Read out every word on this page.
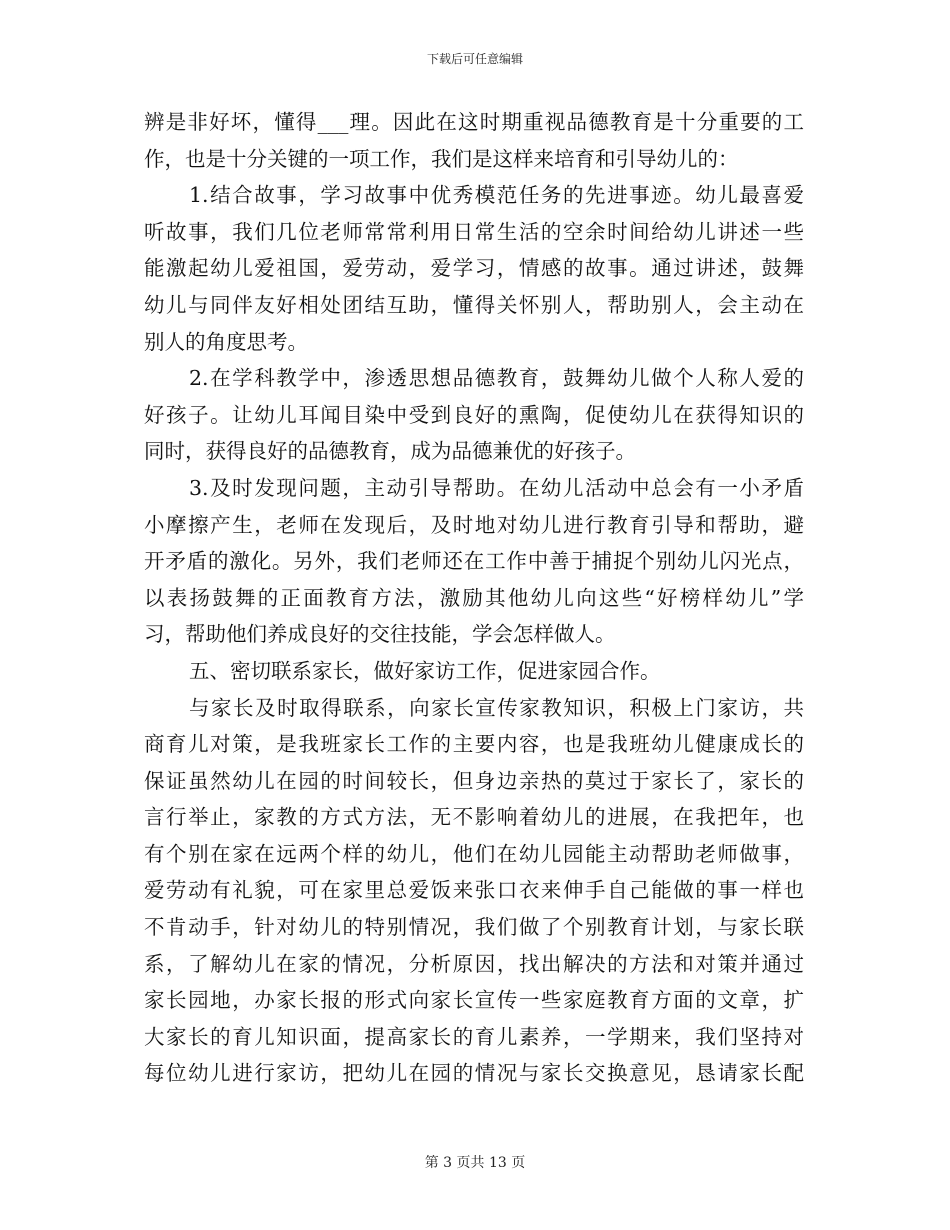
下载后可任意编辑
辨是非好坏，懂得___理。因此在这时期重视品德教育是十分重要的工
作，也是十分关键的一项工作，我们是这样来培育和引导幼儿的：
1.结合故事，学习故事中优秀模范任务的先进事迹。幼儿最喜爱
听故事，我们几位老师常常利用日常生活的空余时间给幼儿讲述一些
能激起幼儿爱祖国，爱劳动，爱学习，情感的故事。通过讲述，鼓舞
幼儿与同伴友好相处团结互助，懂得关怀别人，帮助别人，会主动在
别人的角度思考。
2.在学科教学中，渗透思想品德教育，鼓舞幼儿做个人称人爱的
好孩子。让幼儿耳闻目染中受到良好的熏陶，促使幼儿在获得知识的
同时，获得良好的品德教育，成为品德兼优的好孩子。
3.及时发现问题，主动引导帮助。在幼儿活动中总会有一小矛盾
小摩擦产生，老师在发现后，及时地对幼儿进行教育引导和帮助，避
开矛盾的激化。另外，我们老师还在工作中善于捕捉个别幼儿闪光点，
以表扬鼓舞的正面教育方法，激励其他幼儿向这些“好榜样幼儿”学
习，帮助他们养成良好的交往技能，学会怎样做人。
五、密切联系家长，做好家访工作，促进家园合作。
与家长及时取得联系，向家长宣传家教知识，积极上门家访，共
商育儿对策，是我班家长工作的主要内容，也是我班幼儿健康成长的
保证虽然幼儿在园的时间较长，但身边亲热的莫过于家长了，家长的
言行举止，家教的方式方法，无不影响着幼儿的进展，在我把年，也
有个别在家在远两个样的幼儿，他们在幼儿园能主动帮助老师做事，
爱劳动有礼貌，可在家里总爱饭来张口衣来伸手自己能做的事一样也
不肯动手，针对幼儿的特别情况，我们做了个别教育计划，与家长联
系，了解幼儿在家的情况，分析原因，找出解决的方法和对策并通过
家长园地，办家长报的形式向家长宣传一些家庭教育方面的文章，扩
大家长的育儿知识面，提高家长的育儿素养，一学期来，我们坚持对
每位幼儿进行家访，把幼儿在园的情况与家长交换意见，恳请家长配
第 3 页共 13 页
